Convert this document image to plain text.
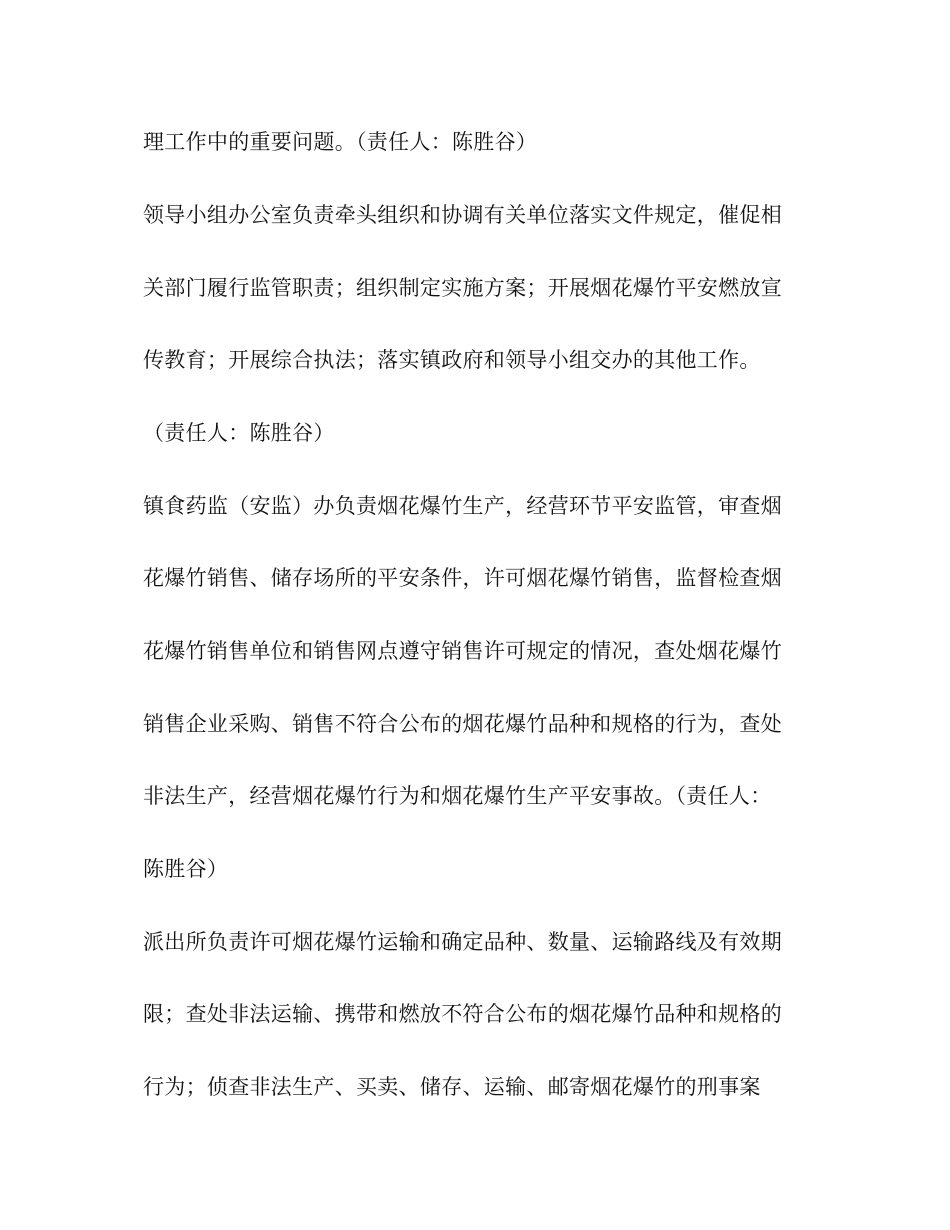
理工作中的重要问题。（责任人：陈胜谷）
领导小组办公室负责牵头组织和协调有关单位落实文件规定，催促相
关部门履行监管职责；组织制定实施方案；开展烟花爆竹平安燃放宣
传教育；开展综合执法；落实镇政府和领导小组交办的其他工作。
（责任人：陈胜谷）
镇食药监（安监）办负责烟花爆竹生产，经营环节平安监管，审查烟
花爆竹销售、储存场所的平安条件，许可烟花爆竹销售，监督检查烟
花爆竹销售单位和销售网点遵守销售许可规定的情况，查处烟花爆竹
销售企业采购、销售不符合公布的烟花爆竹品种和规格的行为，查处
非法生产，经营烟花爆竹行为和烟花爆竹生产平安事故。（责任人：
陈胜谷）
派出所负责许可烟花爆竹运输和确定品种、数量、运输路线及有效期
限；查处非法运输、携带和燃放不符合公布的烟花爆竹品种和规格的
行为；侦查非法生产、买卖、储存、运输、邮寄烟花爆竹的刑事案
